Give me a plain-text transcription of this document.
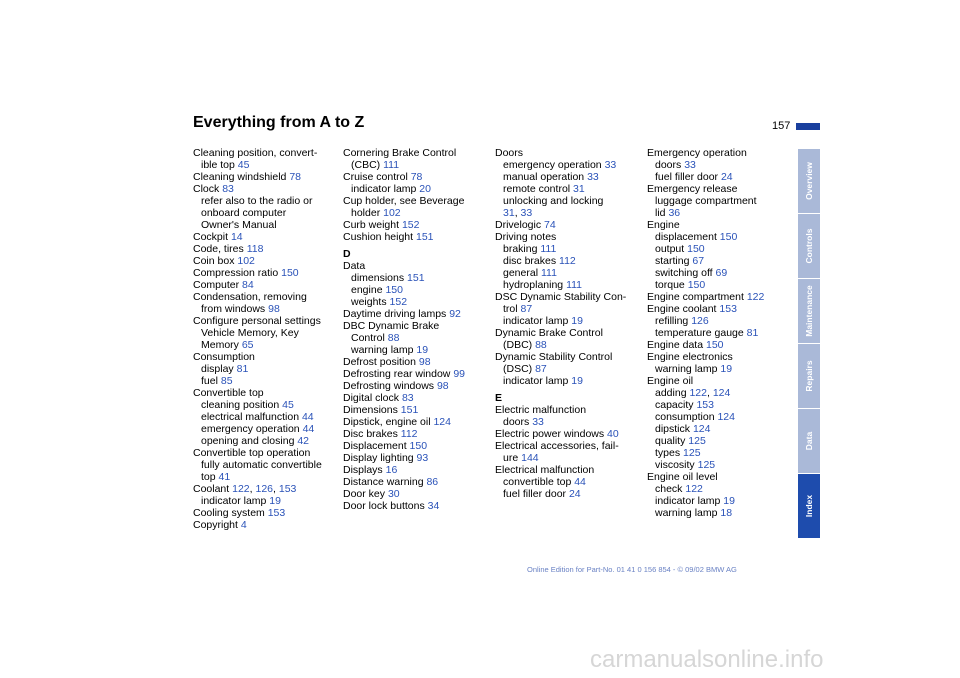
Everything from A to Z	157
Cleaning position, convert-
ible top 45
Cleaning windshield 78
Clock 83
refer also to the radio or
onboard computer
Owner's Manual
Cockpit 14
Code, tires 118
Coin box 102
Compression ratio 150
Computer 84
Condensation, removing
from windows 98
Configure personal settings
Vehicle Memory, Key
Memory 65
Consumption
display 81
fuel 85
Convertible top
cleaning position 45
electrical malfunction 44
emergency operation 44
opening and closing 42
Convertible top operation
fully automatic convertible
top 41
Coolant 122, 126, 153
indicator lamp 19
Cooling system 153
Copyright 4
Cornering Brake Control
(CBC) 111
Cruise control 78
indicator lamp 20
Cup holder, see Beverage
holder 102
Curb weight 152
Cushion height 151
D
Data
dimensions 151
engine 150
weights 152
Daytime driving lamps 92
DBC Dynamic Brake
Control 88
warning lamp 19
Defrost position 98
Defrosting rear window 99
Defrosting windows 98
Digital clock 83
Dimensions 151
Dipstick, engine oil 124
Disc brakes 112
Displacement 150
Display lighting 93
Displays 16
Distance warning 86
Door key 30
Door lock buttons 34
Doors
emergency operation 33
manual operation 33
remote control 31
unlocking and locking
31, 33
Drivelogic 74
Driving notes
braking 111
disc brakes 112
general 111
hydroplaning 111
DSC Dynamic Stability Con-
trol 87
indicator lamp 19
Dynamic Brake Control
(DBC) 88
Dynamic Stability Control
(DSC) 87
indicator lamp 19
E
Electric malfunction
doors 33
Electric power windows 40
Electrical accessories, fail-
ure 144
Electrical malfunction
convertible top 44
fuel filler door 24
Emergency operation
doors 33
fuel filler door 24
Emergency release
luggage compartment
lid 36
Engine
displacement 150
output 150
starting 67
switching off 69
torque 150
Engine compartment 122
Engine coolant 153
refilling 126
temperature gauge 81
Engine data 150
Engine electronics
warning lamp 19
Engine oil
adding 122, 124
capacity 153
consumption 124
dipstick 124
quality 125
types 125
viscosity 125
Engine oil level
check 122
indicator lamp 19
warning lamp 18
Overview
Controls
Maintenance
Repairs
Data
Index
Online Edition for Part-No. 01 41 0 156 854 - © 09/02 BMW AG
carmanualsonline.info
